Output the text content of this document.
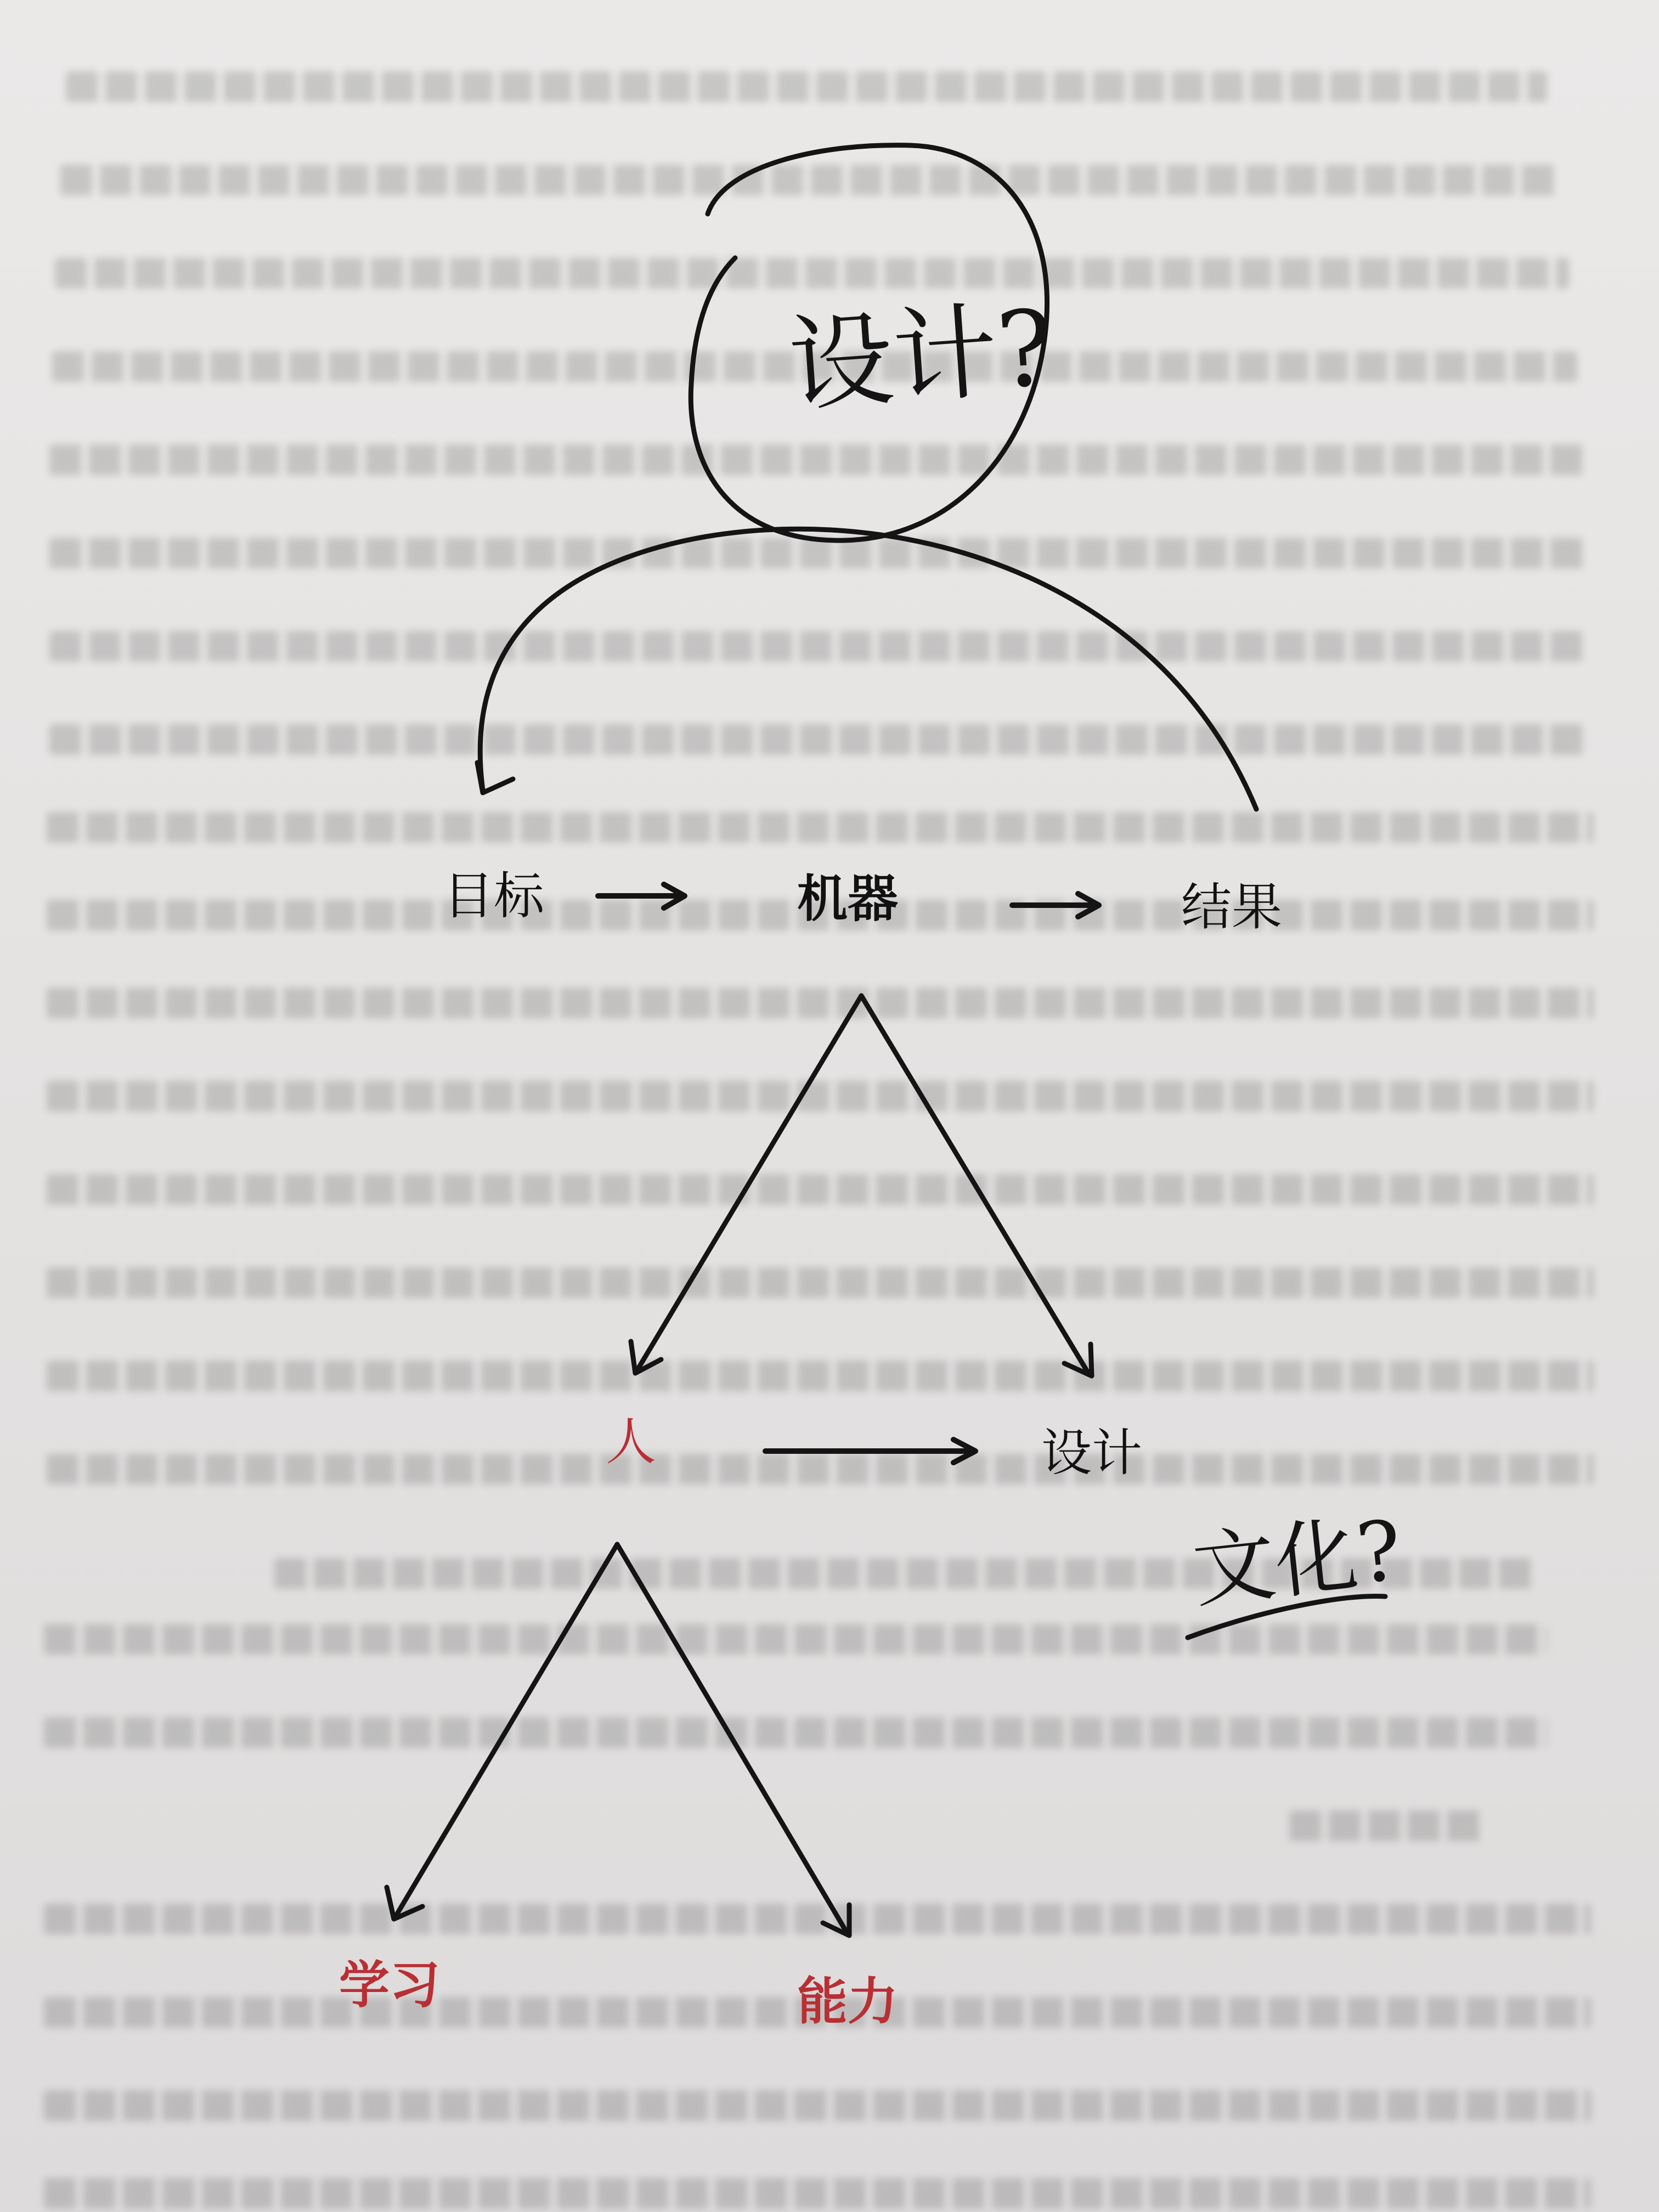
设计?
文化?
目标	机器	结果
人	设计
学习	能力
